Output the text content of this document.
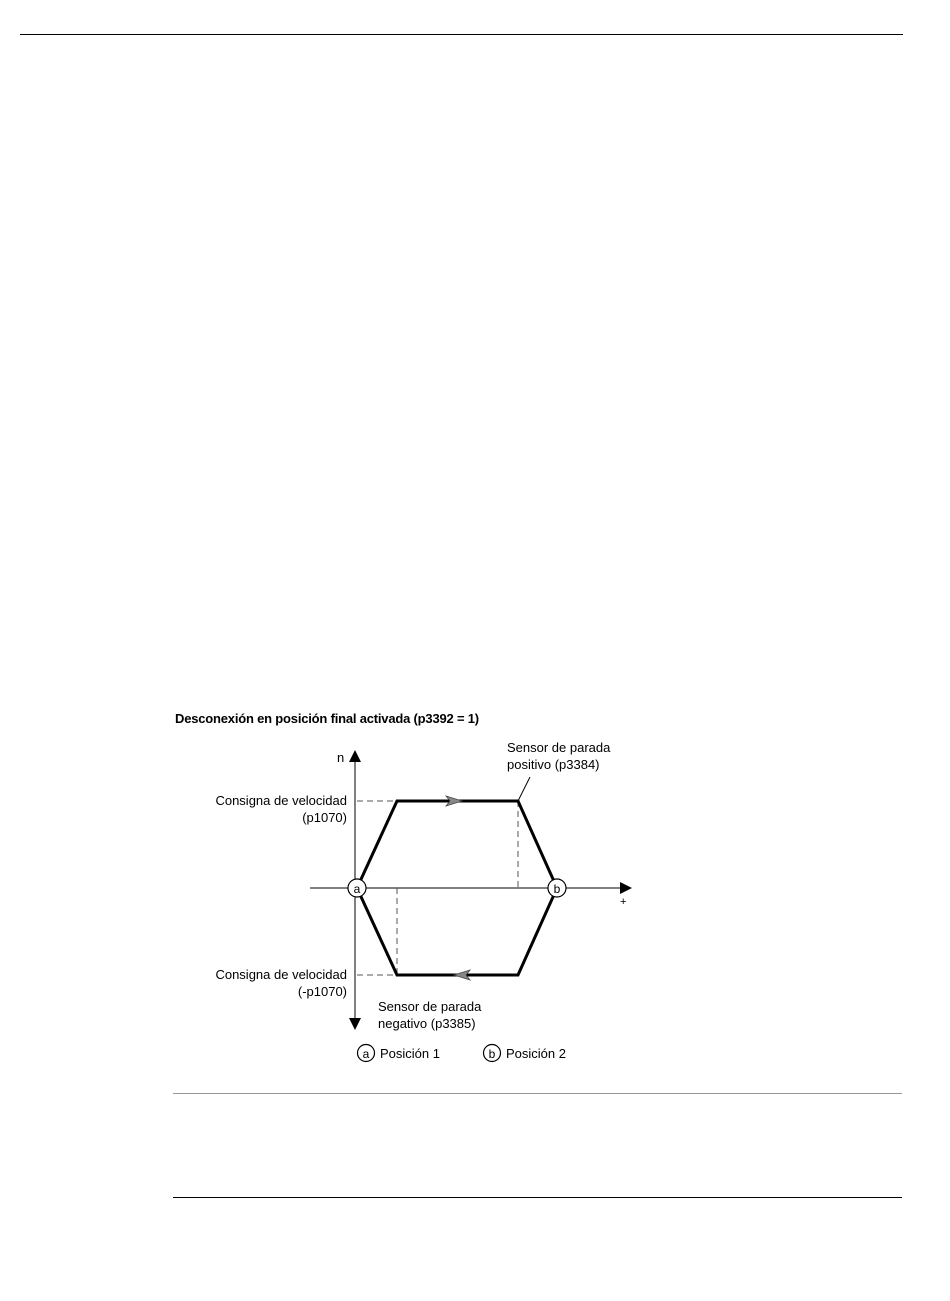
Desconexión en posición final activada (p3392 = 1)
n
+
a	b
Consigna de velocidad
(p1070)
Consigna de velocidad
(-p1070)
Sensor de parada
positivo (p3384)
Sensor de parada
negativo (p3385)
a Posición 1	b Posición 2
